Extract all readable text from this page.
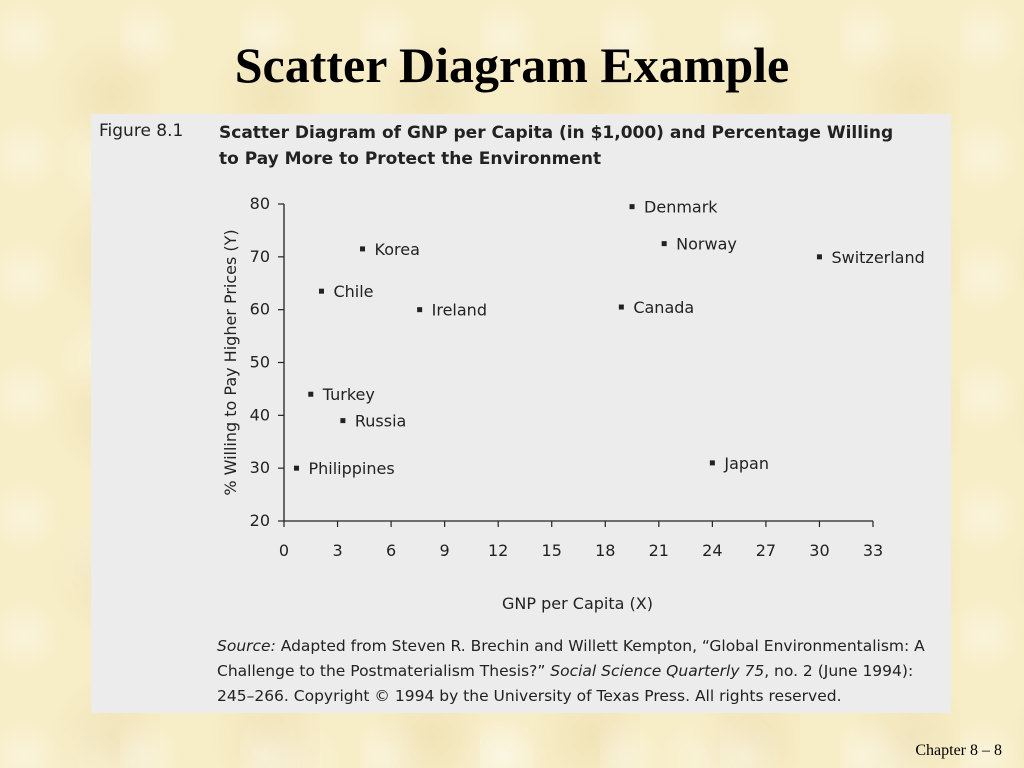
Scatter Diagram Example
Figure 8.1 Scatter Diagram of GNP per Capita (in $1,000) and Percentage Willing to Pay More to Protect the Environment
20
30
40
50
60
70
80
0	3	6	9 12 15 18 21 24 27 30 33
GNP per Capita (X)
% Willing to Pay Higher Prices (Y)
Denmark
Korea	Norway
Switzerland
Chile
Ireland	Canada
Turkey
Russia
Philippines	Japan
Source: Adapted from Steven R. Brechin and Willett Kempton, “Global Environmentalism: A Challenge to the Postmaterialism Thesis?” Social Science Quarterly 75, no. 2 (June 1994): 245–266. Copyright © 1994 by the University of Texas Press. All rights reserved.
Chapter 8 – 8
